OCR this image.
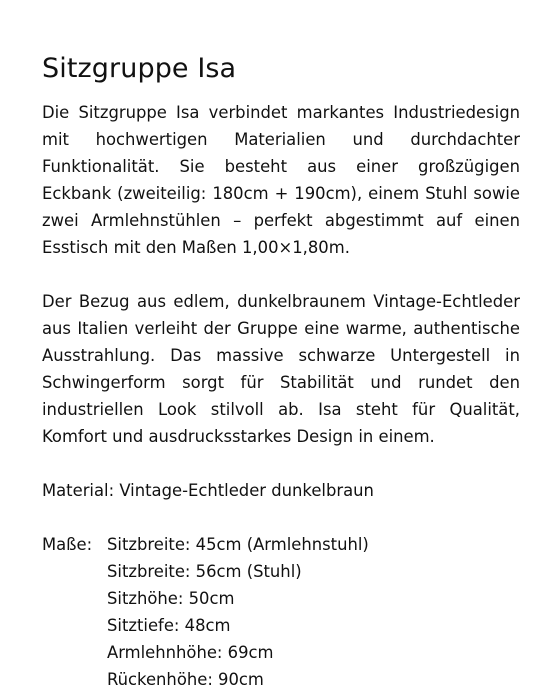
Sitzgruppe Isa

Die Sitzgruppe Isa verbindet markantes Industriedesign mit hochwertigen Materialien und durchdachter Funktionalität. Sie besteht aus einer großzügigen Eckbank (zweiteilig: 180cm + 190cm), einem Stuhl sowie zwei Armlehnstühlen – perfekt abgestimmt auf einen Esstisch mit den Maßen 1,00×1,80m.

Der Bezug aus edlem, dunkelbraunem Vintage-Echtleder aus Italien verleiht der Gruppe eine warme, authentische Ausstrahlung. Das massive schwarze Untergestell in Schwingerform sorgt für Stabilität und rundet den industriellen Look stilvoll ab. Isa steht für Qualität, Komfort und ausdrucksstarkes Design in einem.

Material: Vintage-Echtleder dunkelbraun
Maße: Sitzbreite: 45cm (Armlehnstuhl)
Sitzbreite: 56cm (Stuhl)
Sitzhöhe: 50cm
Sitztiefe: 48cm
Armlehnhöhe: 69cm
Rückenhöhe: 90cm
